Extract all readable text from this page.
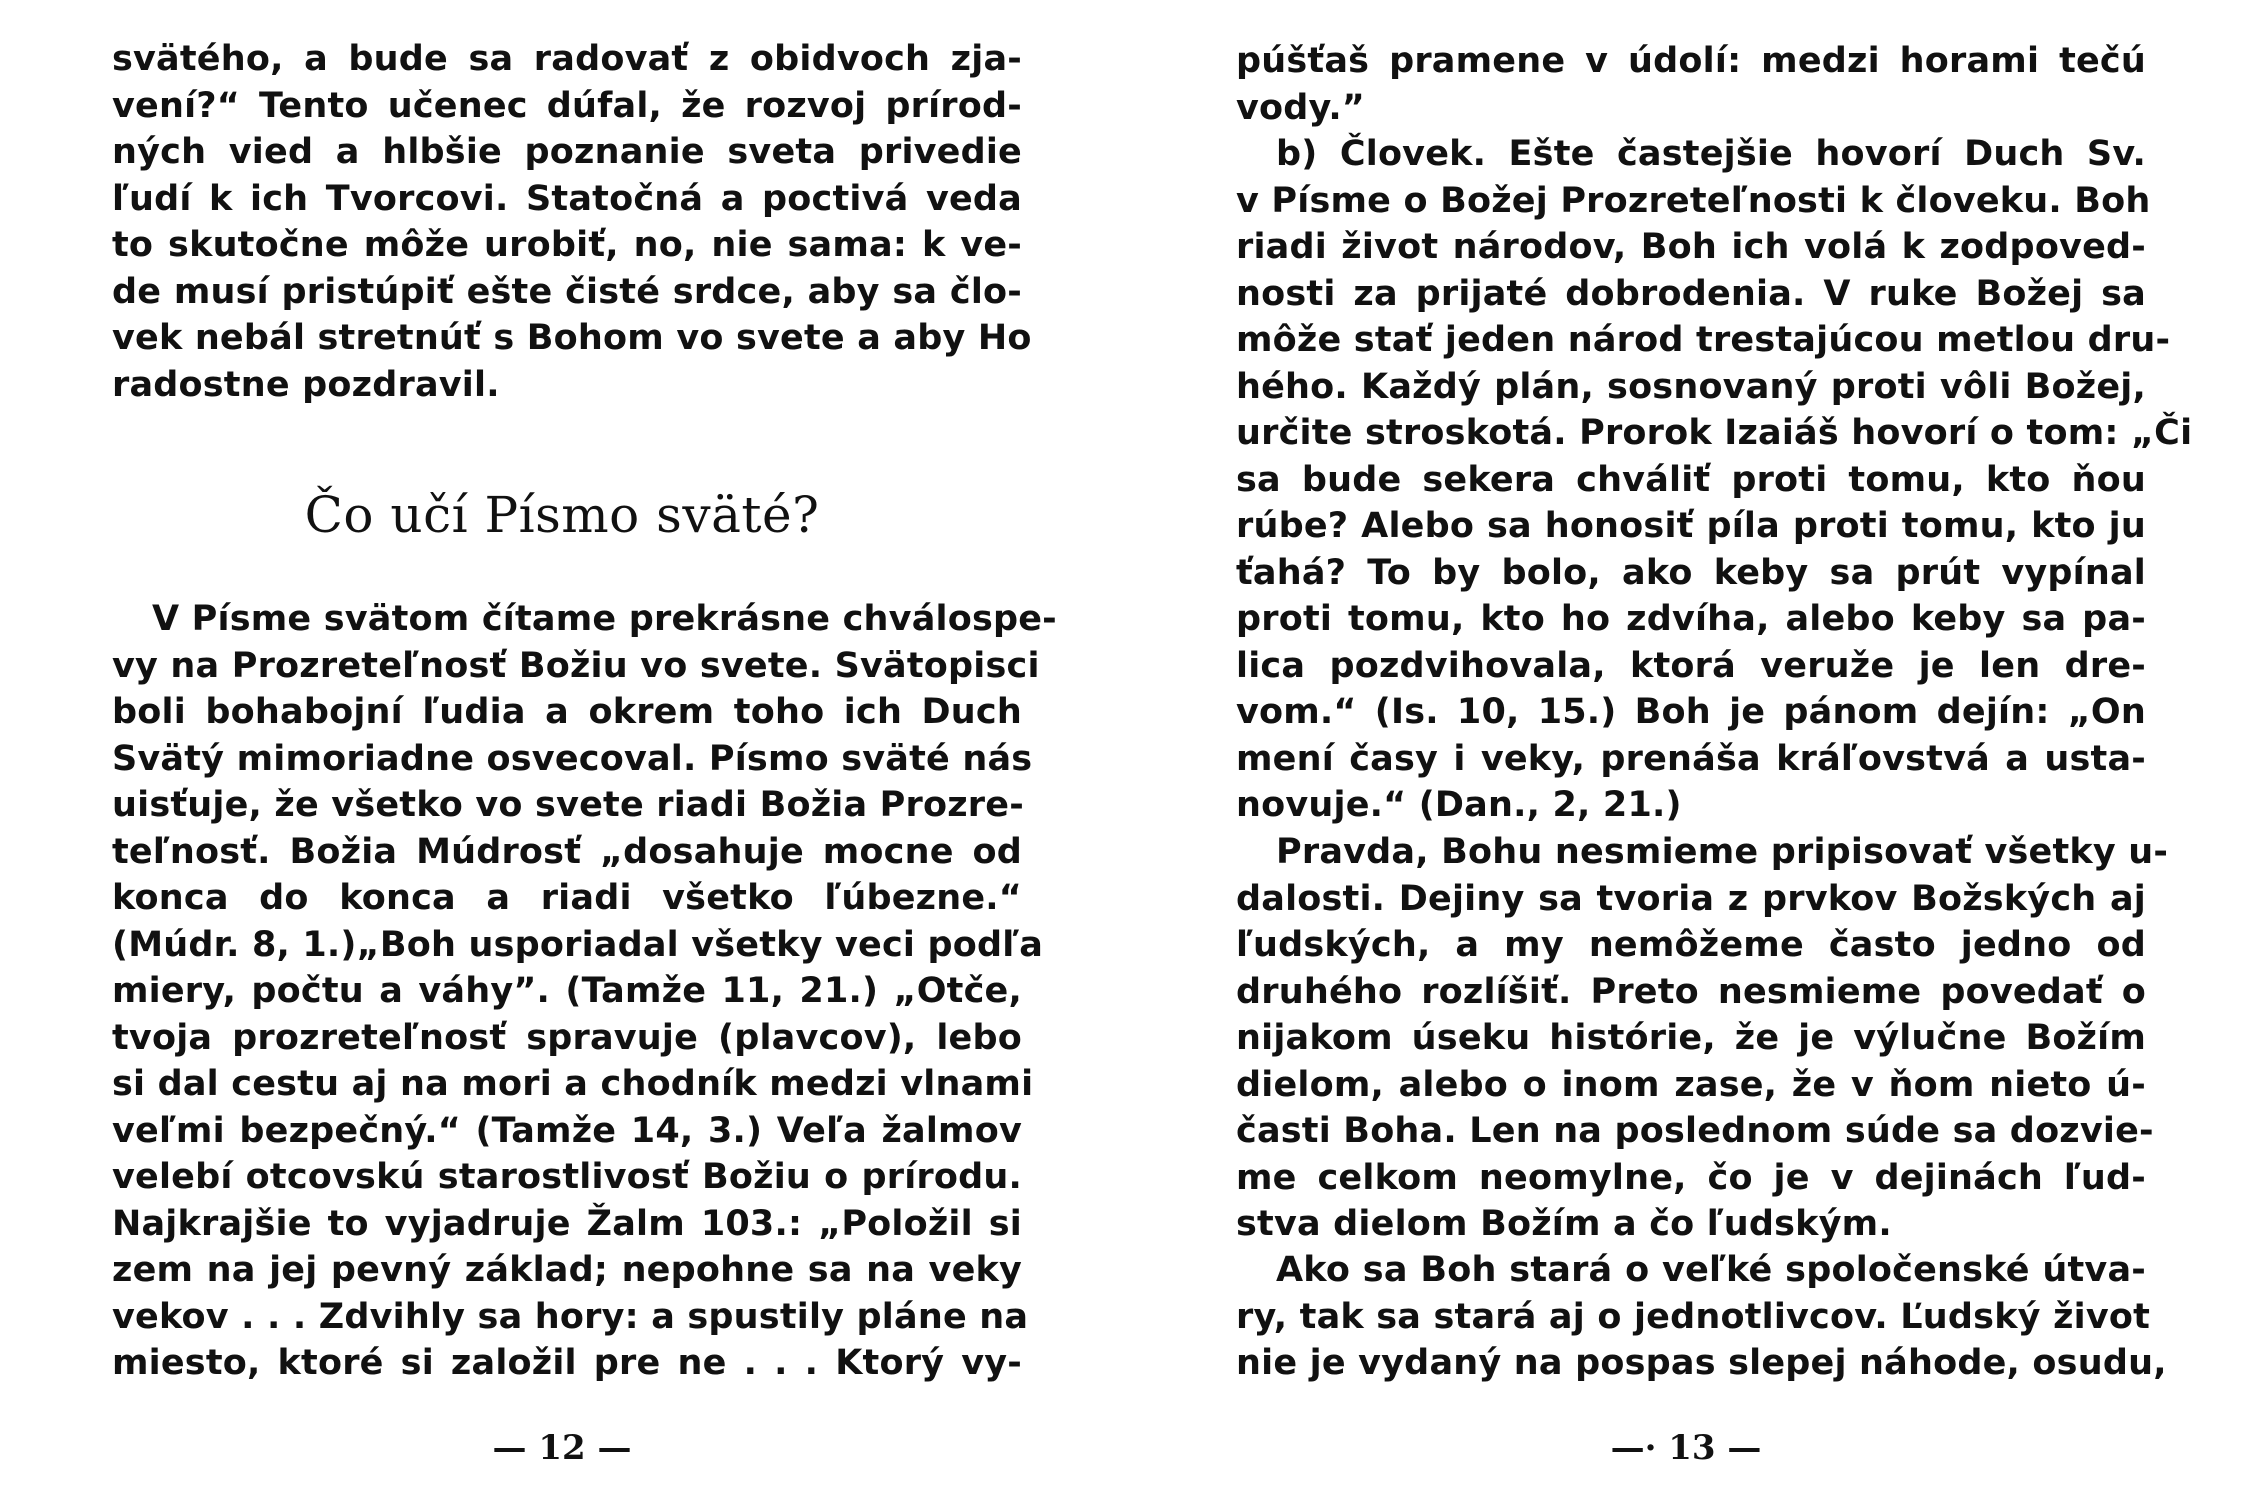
svätého, a bude sa radovať z obidvoch zja-
vení?“ Tento učenec dúfal, že rozvoj prírod-
ných vied a hlbšie poznanie sveta privedie
ľudí k ich Tvorcovi. Statočná a poctivá veda
to skutočne môže urobiť, no, nie sama: k ve-
de musí pristúpiť ešte čisté srdce, aby sa člo-
vek nebál stretnúť s Bohom vo svete a aby Ho
radostne pozdravil.
Čo učí Písmo sväté?
V Písme svätom čítame prekrásne chválospe-
vy na Prozreteľnosť Božiu vo svete. Svätopisci
boli bohabojní ľudia a okrem toho ich Duch
Svätý mimoriadne osvecoval. Písmo sväté nás
uisťuje, že všetko vo svete riadi Božia Prozre-
teľnosť. Božia Múdrosť „dosahuje mocne od
konca do konca a riadi všetko ľúbezne.“
(Múdr. 8, 1.)„Boh usporiadal všetky veci podľa
miery, počtu a váhy”. (Tamže 11, 21.) „Otče,
tvoja prozreteľnosť spravuje (plavcov), lebo
si dal cestu aj na mori a chodník medzi vlnami
veľmi bezpečný.“ (Tamže 14, 3.) Veľa žalmov
velebí otcovskú starostlivosť Božiu o prírodu.
Najkrajšie to vyjadruje Žalm 103.: „Položil si
zem na jej pevný základ; nepohne sa na veky
vekov . . . Zdvihly sa hory: a spustily pláne na
miesto, ktoré si založil pre ne . . . Ktorý vy-
— 12 —
púšťaš pramene v údolí: medzi horami tečú
vody.”
b) Človek. Ešte častejšie hovorí Duch Sv.
v Písme o Božej Prozreteľnosti k človeku. Boh
riadi život národov, Boh ich volá k zodpoved-
nosti za prijaté dobrodenia. V ruke Božej sa
môže stať jeden národ trestajúcou metlou dru-
hého. Každý plán, sosnovaný proti vôli Božej,
určite stroskotá. Prorok Izaiáš hovorí o tom: „Či
sa bude sekera chváliť proti tomu, kto ňou
rúbe? Alebo sa honosiť píla proti tomu, kto ju
ťahá? To by bolo, ako keby sa prút vypínal
proti tomu, kto ho zdvíha, alebo keby sa pa-
lica pozdvihovala, ktorá veruže je len dre-
vom.“ (Is. 10, 15.) Boh je pánom dejín: „On
mení časy i veky, prenáša kráľovstvá a usta-
novuje.“ (Dan., 2, 21.)
Pravda, Bohu nesmieme pripisovať všetky u-
dalosti. Dejiny sa tvoria z prvkov Božských aj
ľudských, a my nemôžeme často jedno od
druhého rozlíšiť. Preto nesmieme povedať o
nijakom úseku histórie, že je výlučne Božím
dielom, alebo o inom zase, že v ňom nieto ú-
časti Boha. Len na poslednom súde sa dozvie-
me celkom neomylne, čo je v dejinách ľud-
stva dielom Božím a čo ľudským.
Ako sa Boh stará o veľké spoločenské útva-
ry, tak sa stará aj o jednotlivcov. Ľudský život
nie je vydaný na pospas slepej náhode, osudu,
—· 13 —
